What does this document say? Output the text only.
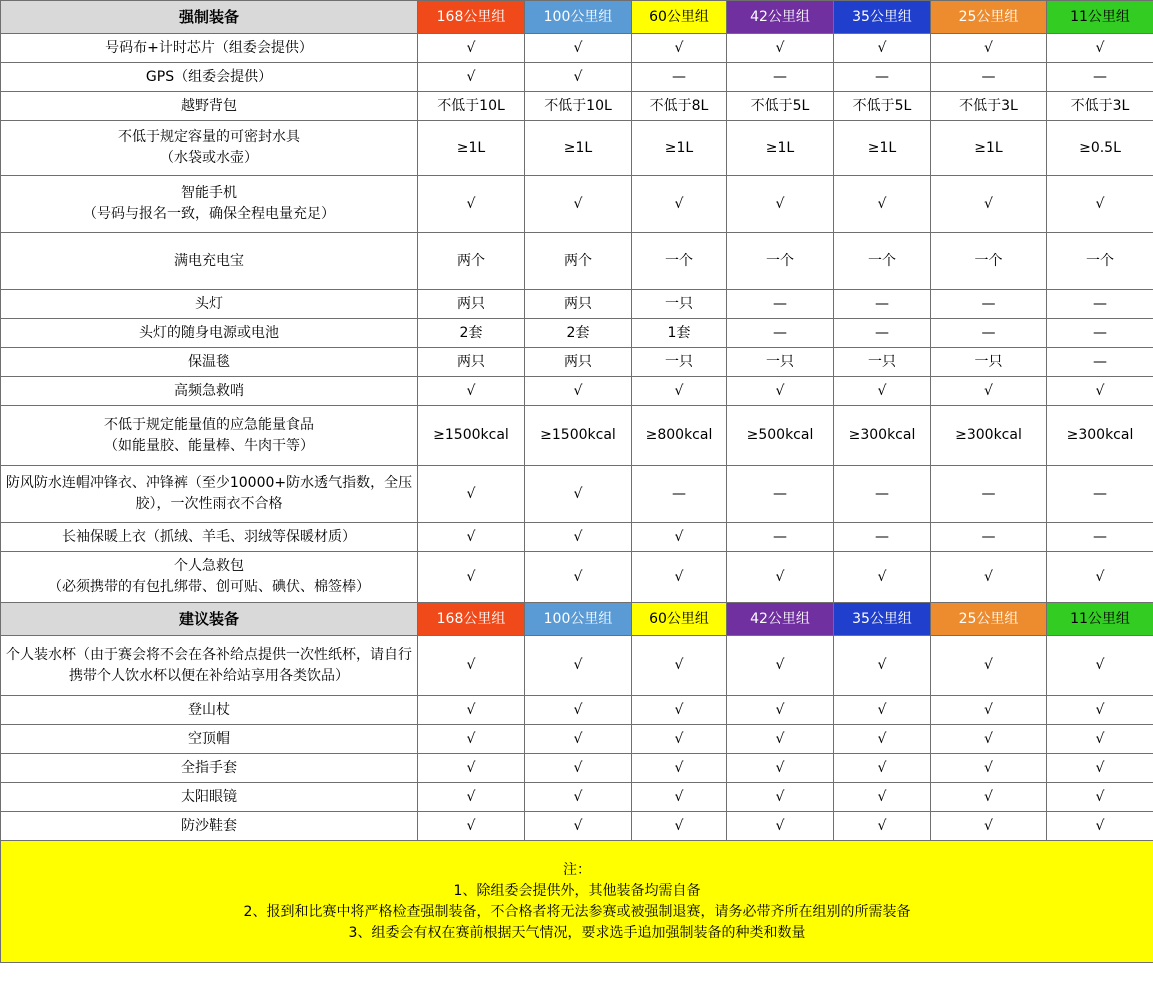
强制装备	168公里组	100公里组	60公里组	42公里组	35公里组	25公里组	11公里组
号码布+计时芯片（组委会提供）	√	√	√	√	√	√	√
GPS（组委会提供）	√	√	—	—	—	—	—
越野背包	不低于10L	不低于10L	不低于8L	不低于5L	不低于5L	不低于3L	不低于3L
不低于规定容量的可密封水具
（水袋或水壶）	≥1L	≥1L	≥1L	≥1L	≥1L	≥1L	≥0.5L
智能手机
（号码与报名一致，确保全程电量充足）	√	√	√	√	√	√	√
满电充电宝	两个	两个	一个	一个	一个	一个	一个
头灯	两只	两只	一只	—	—	—	—
头灯的随身电源或电池	2套	2套	1套	—	—	—	—
保温毯	两只	两只	一只	一只	一只	一只	—
高频急救哨	√	√	√	√	√	√	√
不低于规定能量值的应急能量食品
（如能量胶、能量棒、牛肉干等）	≥1500kcal	≥1500kcal	≥800kcal	≥500kcal	≥300kcal	≥300kcal	≥300kcal
防风防水连帽冲锋衣、冲锋裤（至少10000+防水透气指数，全压胶），一次性雨衣不合格	√	√	—	—	—	—	—
长袖保暖上衣（抓绒、羊毛、羽绒等保暖材质）	√	√	√	—	—	—	—
个人急救包
（必须携带的有包扎绑带、创可贴、碘伏、棉签棒）	√	√	√	√	√	√	√
建议装备	168公里组	100公里组	60公里组	42公里组	35公里组	25公里组	11公里组
个人装水杯（由于赛会将不会在各补给点提供一次性纸杯，请自行携带个人饮水杯以便在补给站享用各类饮品）	√	√	√	√	√	√	√
登山杖	√	√	√	√	√	√	√
空顶帽	√	√	√	√	√	√	√
全指手套	√	√	√	√	√	√	√
太阳眼镜	√	√	√	√	√	√	√
防沙鞋套	√	√	√	√	√	√	√
注：
1、除组委会提供外，其他装备均需自备
2、报到和比赛中将严格检查强制装备，不合格者将无法参赛或被强制退赛，请务必带齐所在组别的所需装备
3、组委会有权在赛前根据天气情况，要求选手追加强制装备的种类和数量							
